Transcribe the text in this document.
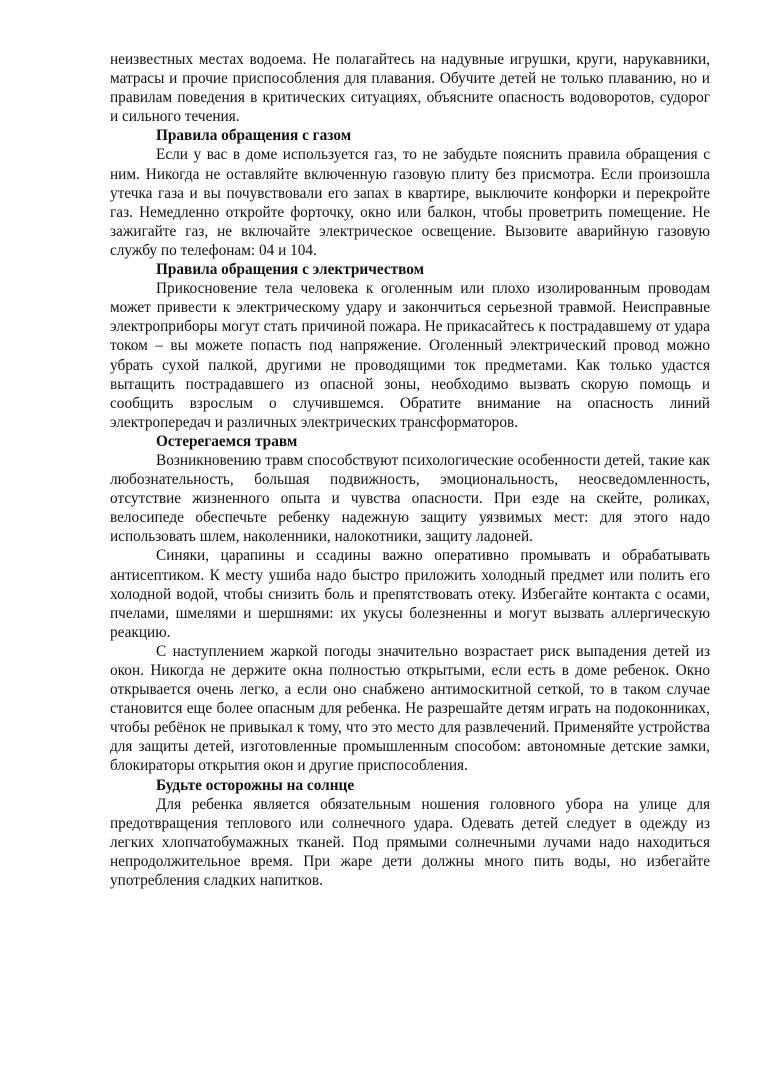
неизвестных местах водоема. Не полагайтесь на надувные игрушки, круги, нарукавники, матрасы и прочие приспособления для плавания. Обучите детей не только плаванию, но и правилам поведения в критических ситуациях, объясните опасность водоворотов, судорог и сильного течения.

Правила обращения с газом

Если у вас в доме используется газ, то не забудьте пояснить правила обращения с ним. Никогда не оставляйте включенную газовую плиту без присмотра. Если произошла утечка газа и вы почувствовали его запах в квартире, выключите конфорки и перекройте газ. Немедленно откройте форточку, окно или балкон, чтобы проветрить помещение. Не зажигайте газ, не включайте электрическое освещение. Вызовите аварийную газовую службу по телефонам: 04 и 104.

Правила обращения с электричеством

Прикосновение тела человека к оголенным или плохо изолированным проводам может привести к электрическому удару и закончиться серьезной травмой. Неисправные электроприборы могут стать причиной пожара. Не прикасайтесь к пострадавшему от удара током – вы можете попасть под напряжение. Оголенный электрический провод можно убрать сухой палкой, другими не проводящими ток предметами. Как только удастся вытащить пострадавшего из опасной зоны, необходимо вызвать скорую помощь и сообщить взрослым о случившемся. Обратите внимание на опасность линий электропередач и различных электрических трансформаторов.

Остерегаемся травм

Возникновению травм способствуют психологические особенности детей, такие как любознательность, большая подвижность, эмоциональность, неосведомленность, отсутствие жизненного опыта и чувства опасности. При езде на скейте, роликах, велосипеде обеспечьте ребенку надежную защиту уязвимых мест: для этого надо использовать шлем, наколенники, налокотники, защиту ладоней.

Синяки, царапины и ссадины важно оперативно промывать и обрабатывать антисептиком. К месту ушиба надо быстро приложить холодный предмет или полить его холодной водой, чтобы снизить боль и препятствовать отеку. Избегайте контакта с осами, пчелами, шмелями и шершнями: их укусы болезненны и могут вызвать аллергическую реакцию.

С наступлением жаркой погоды значительно возрастает риск выпадения детей из окон. Никогда не держите окна полностью открытыми, если есть в доме ребенок. Окно открывается очень легко, а если оно снабжено антимоскитной сеткой, то в таком случае становится еще более опасным для ребенка. Не разрешайте детям играть на подоконниках, чтобы ребёнок не привыкал к тому, что это место для развлечений. Применяйте устройства для защиты детей, изготовленные промышленным способом: автономные детские замки, блокираторы открытия окон и другие приспособления.

Будьте осторожны на солнце

Для ребенка является обязательным ношения головного убора на улице для предотвращения теплового или солнечного удара. Одевать детей следует в одежду из легких хлопчатобумажных тканей. Под прямыми солнечными лучами надо находиться непродолжительное время. При жаре дети должны много пить воды, но избегайте употребления сладких напитков.
